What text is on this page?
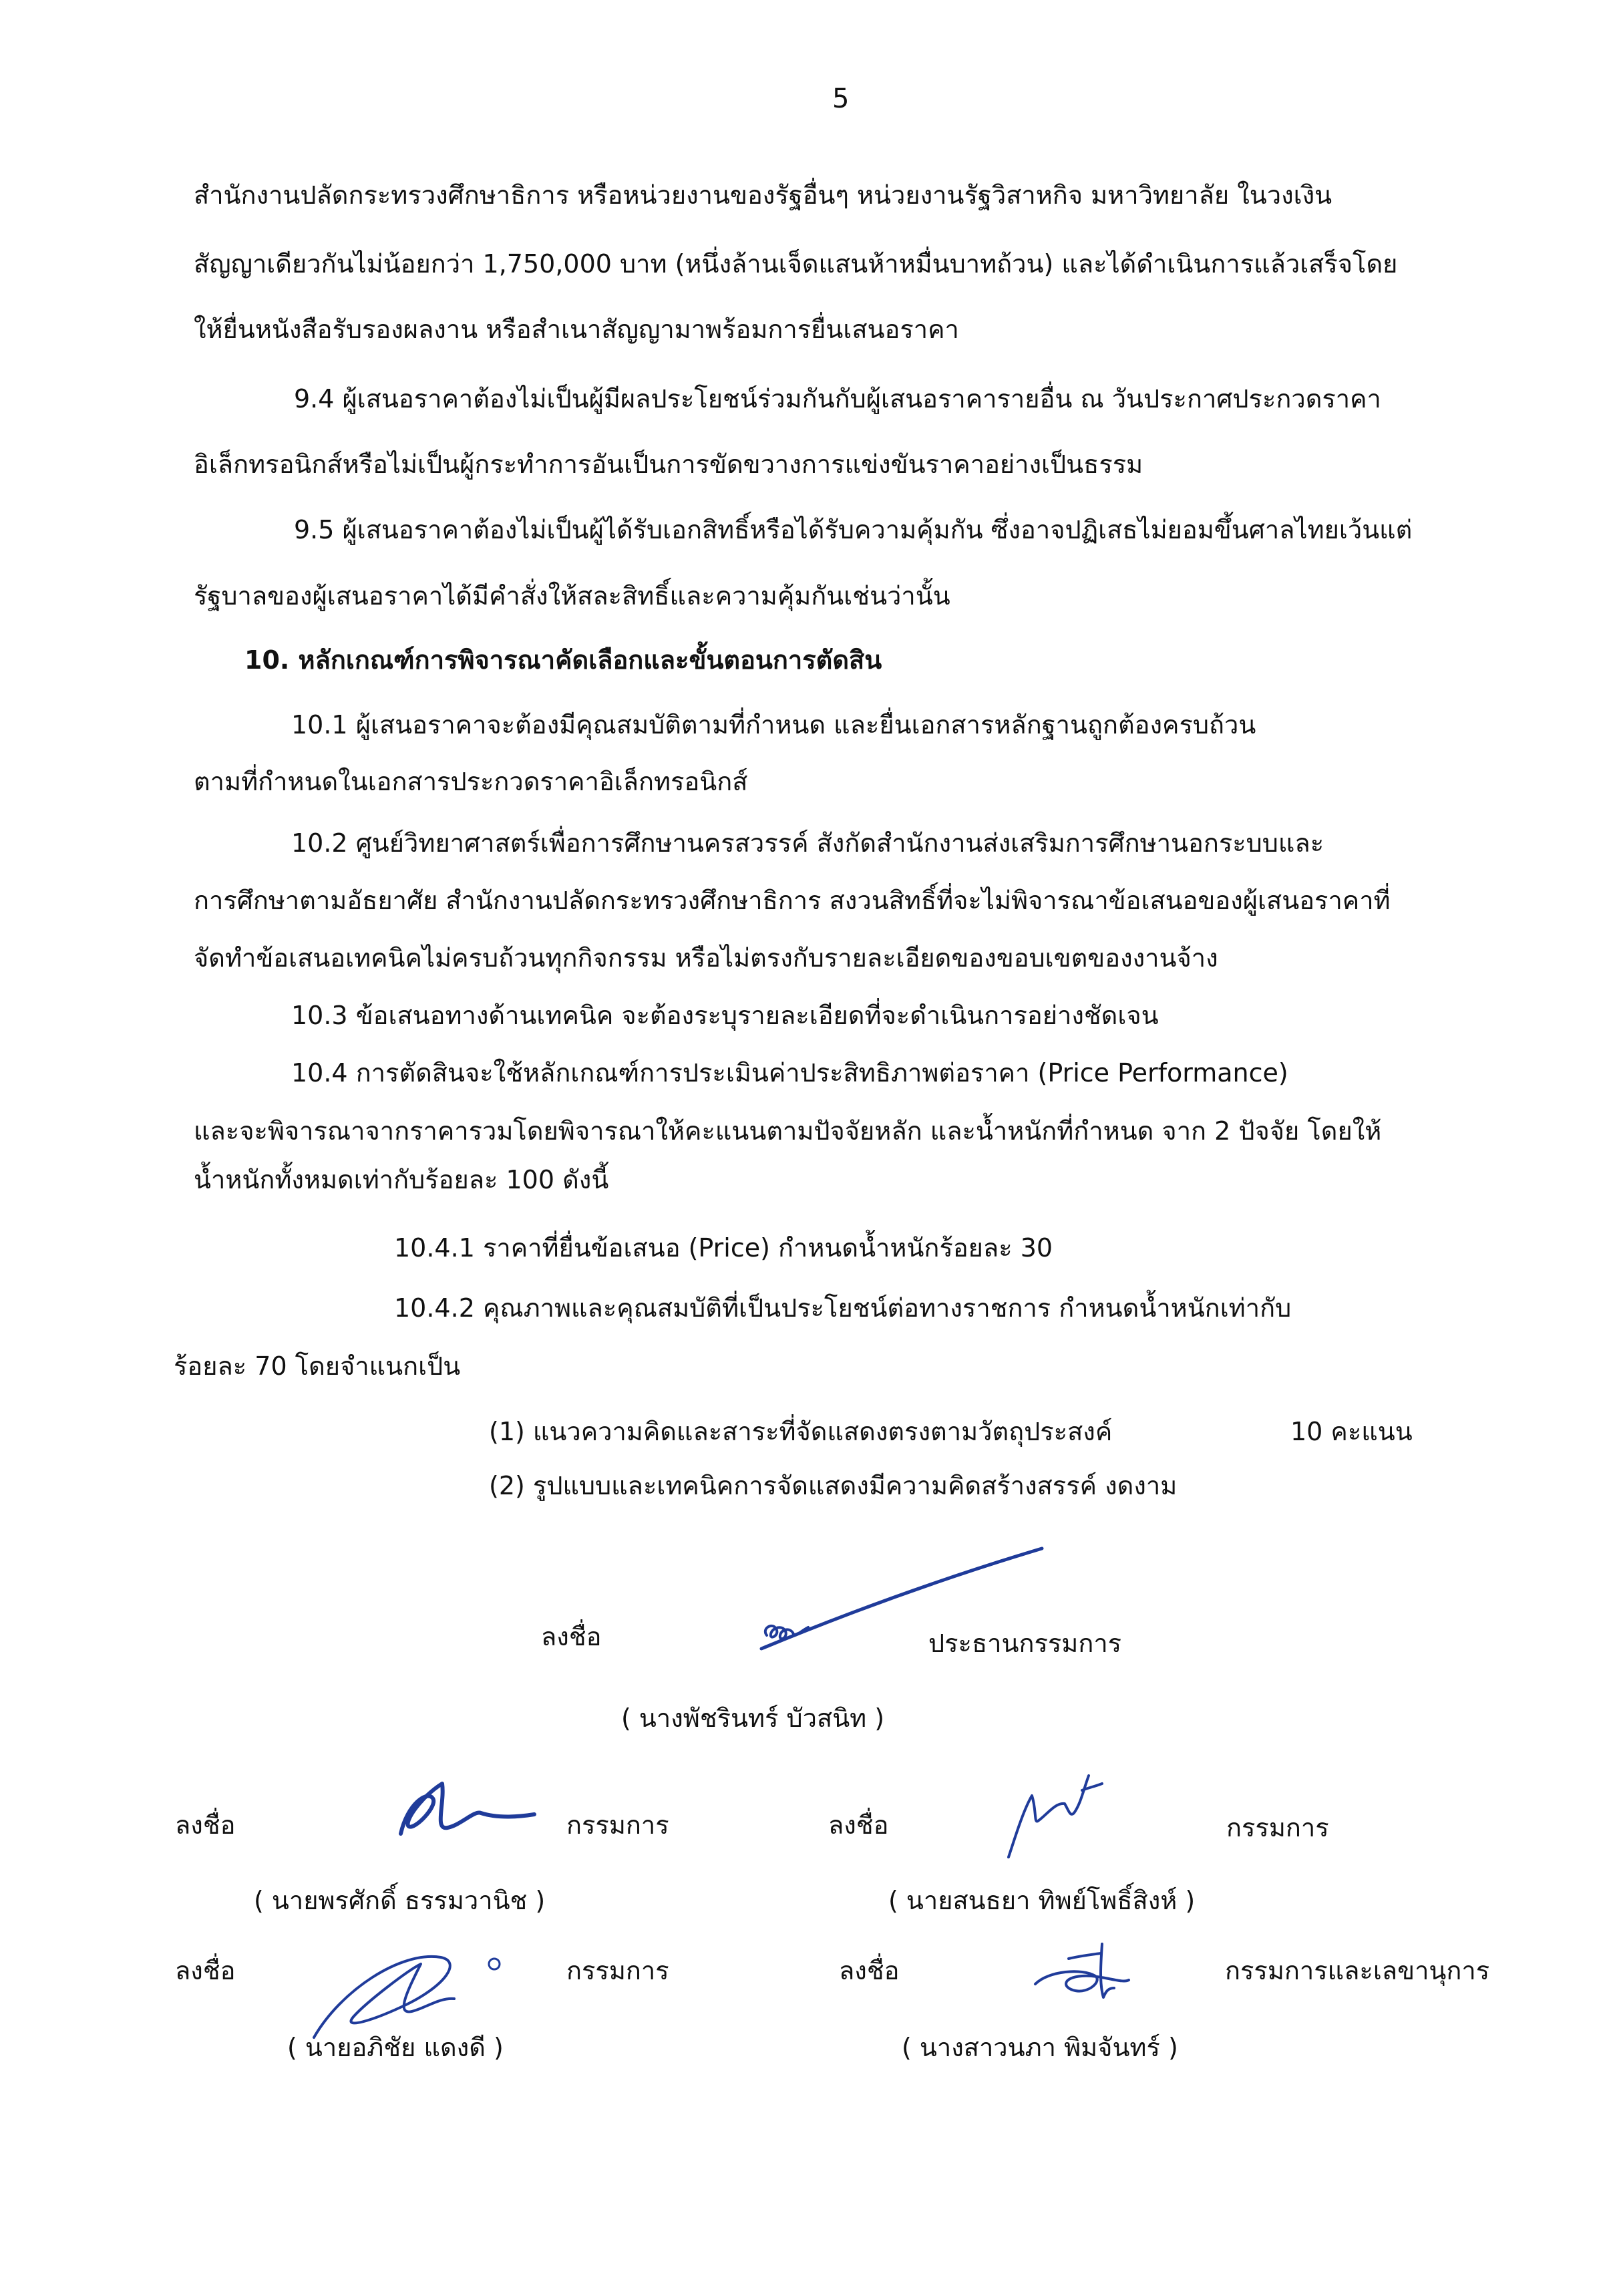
5
สำนักงานปลัดกระทรวงศึกษาธิการ หรือหน่วยงานของรัฐอื่นๆ หน่วยงานรัฐวิสาหกิจ มหาวิทยาลัย ในวงเงิน
สัญญาเดียวกันไม่น้อยกว่า 1,750,000 บาท (หนึ่งล้านเจ็ดแสนห้าหมื่นบาทถ้วน) และได้ดำเนินการแล้วเสร็จโดย
ให้ยื่นหนังสือรับรองผลงาน หรือสำเนาสัญญามาพร้อมการยื่นเสนอราคา
9.4 ผู้เสนอราคาต้องไม่เป็นผู้มีผลประโยชน์ร่วมกันกับผู้เสนอราคารายอื่น ณ วันประกาศประกวดราคา
อิเล็กทรอนิกส์หรือไม่เป็นผู้กระทำการอันเป็นการขัดขวางการแข่งขันราคาอย่างเป็นธรรม
9.5 ผู้เสนอราคาต้องไม่เป็นผู้ได้รับเอกสิทธิ์หรือได้รับความคุ้มกัน ซึ่งอาจปฏิเสธไม่ยอมขึ้นศาลไทยเว้นแต่
รัฐบาลของผู้เสนอราคาได้มีคำสั่งให้สละสิทธิ์และความคุ้มกันเช่นว่านั้น
10. หลักเกณฑ์การพิจารณาคัดเลือกและขั้นตอนการตัดสิน
10.1 ผู้เสนอราคาจะต้องมีคุณสมบัติตามที่กำหนด และยื่นเอกสารหลักฐานถูกต้องครบถ้วน
ตามที่กำหนดในเอกสารประกวดราคาอิเล็กทรอนิกส์
10.2 ศูนย์วิทยาศาสตร์เพื่อการศึกษานครสวรรค์ สังกัดสำนักงานส่งเสริมการศึกษานอกระบบและ
การศึกษาตามอัธยาศัย สำนักงานปลัดกระทรวงศึกษาธิการ สงวนสิทธิ์ที่จะไม่พิจารณาข้อเสนอของผู้เสนอราคาที่
จัดทำข้อเสนอเทคนิคไม่ครบถ้วนทุกกิจกรรม หรือไม่ตรงกับรายละเอียดของขอบเขตของงานจ้าง
10.3 ข้อเสนอทางด้านเทคนิค จะต้องระบุรายละเอียดที่จะดำเนินการอย่างชัดเจน
10.4 การตัดสินจะใช้หลักเกณฑ์การประเมินค่าประสิทธิภาพต่อราคา (Price Performance)
และจะพิจารณาจากราคารวมโดยพิจารณาให้คะแนนตามปัจจัยหลัก และน้ำหนักที่กำหนด จาก 2 ปัจจัย โดยให้
น้ำหนักทั้งหมดเท่ากับร้อยละ 100 ดังนี้
10.4.1 ราคาที่ยื่นข้อเสนอ (Price) กำหนดน้ำหนักร้อยละ 30
10.4.2 คุณภาพและคุณสมบัติที่เป็นประโยชน์ต่อทางราชการ กำหนดน้ำหนักเท่ากับ
ร้อยละ 70 โดยจำแนกเป็น
(1) แนวความคิดและสาระที่จัดแสดงตรงตามวัตถุประสงค์	10 คะแนน
(2) รูปแบบและเทคนิคการจัดแสดงมีความคิดสร้างสรรค์ งดงาม
ลงชื่อ	ประธานกรรมการ
( นางพัชรินทร์ บัวสนิท )
ลงชื่อ	กรรมการ
( นายพรศักดิ์ ธรรมวานิช )
ลงชื่อ	กรรมการ
( นายสนธยา ทิพย์โพธิ์สิงห์ )
ลงชื่อ	กรรมการ
( นายอภิชัย แดงดี )
ลงชื่อ	กรรมการและเลขานุการ
( นางสาวนภา พิมจันทร์ )
